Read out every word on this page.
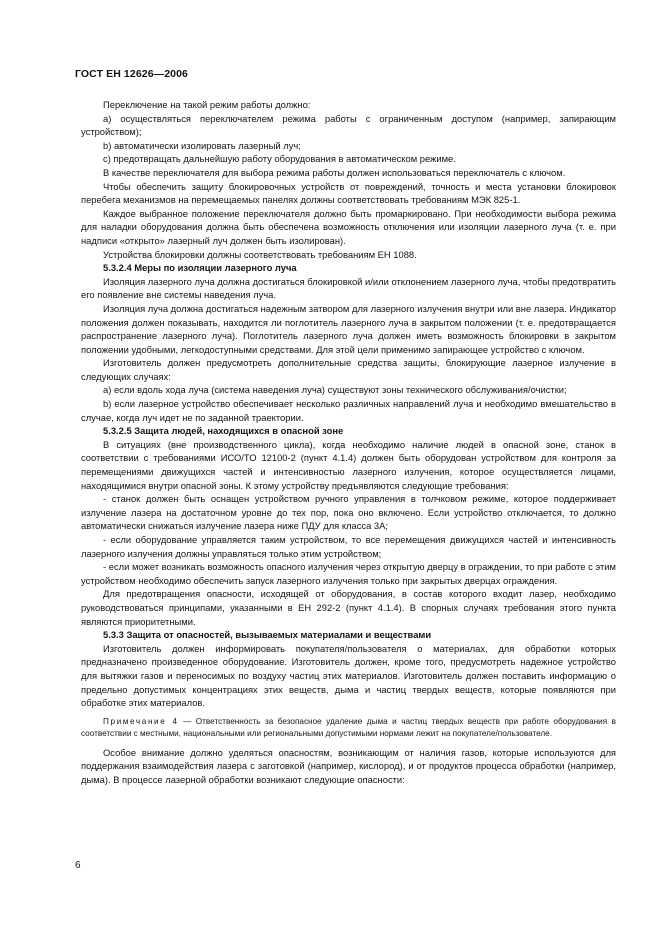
ГОСТ ЕН 12626—2006

Переключение на такой режим работы должно:

а) осуществляться переключателем режима работы с ограниченным доступом (например, запирающим устройством);

b) автоматически изолировать лазерный луч;

c) предотвращать дальнейшую работу оборудования в автоматическом режиме.

В качестве переключателя для выбора режима работы должен использоваться переключатель с ключом.

Чтобы обеспечить защиту блокировочных устройств от повреждений, точность и места установки блокировок перебега механизмов на перемещаемых панелях должны соответствовать требованиям МЭК 825-1.

Каждое выбранное положение переключателя должно быть промаркировано. При необходимости выбора режима для наладки оборудования должна быть обеспечена возможность отключения или изоляции лазерного луча (т. е. при надписи «открыто» лазерный луч должен быть изолирован).

Устройства блокировки должны соответствовать требованиям ЕН 1088.

5.3.2.4 Меры по изоляции лазерного луча

Изоляция лазерного луча должна достигаться блокировкой и/или отклонением лазерного луча, чтобы предотвратить его появление вне системы наведения луча.

Изоляция луча должна достигаться надежным затвором для лазерного излучения внутри или вне лазера. Индикатор положения должен показывать, находится ли поглотитель лазерного луча в закрытом положении (т. е. предотвращается распространение лазерного луча). Поглотитель лазерного луча должен иметь возможность блокировки в закрытом положении удобными, легкодоступными средствами. Для этой цели применимо запирающее устройство с ключом.

Изготовитель должен предусмотреть дополнительные средства защиты, блокирующие лазерное излучение в следующих случаях:

а) если вдоль хода луча (система наведения луча) существуют зоны технического обслуживания/очистки;

b) если лазерное устройство обеспечивает несколько различных направлений луча и необходимо вмешательство в случае, когда луч идет не по заданной траектории.

5.3.2.5 Защита людей, находящихся в опасной зоне

В ситуациях (вне производственного цикла), когда необходимо наличие людей в опасной зоне, станок в соответствии с требованиями ИСО/ТО 12100-2 (пункт 4.1.4) должен быть оборудован устройством для контроля за перемещениями движущихся частей и интенсивностью лазерного излучения, которое осуществляется лицами, находящимися внутри опасной зоны. К этому устройству предъявляются следующие требования:

- станок должен быть оснащен устройством ручного управления в толчковом режиме, которое поддерживает излучение лазера на достаточном уровне до тех пор, пока оно включено. Если устройство отключается, то должно автоматически снижаться излучение лазера ниже ПДУ для класса 3А;

- если оборудование управляется таким устройством, то все перемещения движущихся частей и интенсивность лазерного излучения должны управляться только этим устройством;

- если может возникать возможность опасного излучения через открытую дверцу в ограждении, то при работе с этим устройством необходимо обеспечить запуск лазерного излучения только при закрытых дверцах ограждения.

Для предотвращения опасности, исходящей от оборудования, в состав которого входит лазер, необходимо руководствоваться принципами, указанными в ЕН 292-2 (пункт 4.1.4). В спорных случаях требования этого пункта являются приоритетными.

5.3.3 Защита от опасностей, вызываемых материалами и веществами

Изготовитель должен информировать покупателя/пользователя о материалах, для обработки которых предназначено произведенное оборудование. Изготовитель должен, кроме того, предусмотреть надежное устройство для вытяжки газов и переносимых по воздуху частиц этих материалов. Изготовитель должен поставить информацию о предельно допустимых концентрациях этих веществ, дыма и частиц твердых веществ, которые появляются при обработке этих материалов.

Примечание 4 — Ответственность за безопасное удаление дыма и частиц твердых веществ при работе оборудования в соответствии с местными, национальными или региональными допустимыми нормами лежит на покупателе/пользователе.

Особое внимание должно уделяться опасностям, возникающим от наличия газов, которые используются для поддержания взаимодействия лазера с заготовкой (например, кислород), и от продуктов процесса обработки (например, дыма). В процессе лазерной обработки возникают следующие опасности:

6
